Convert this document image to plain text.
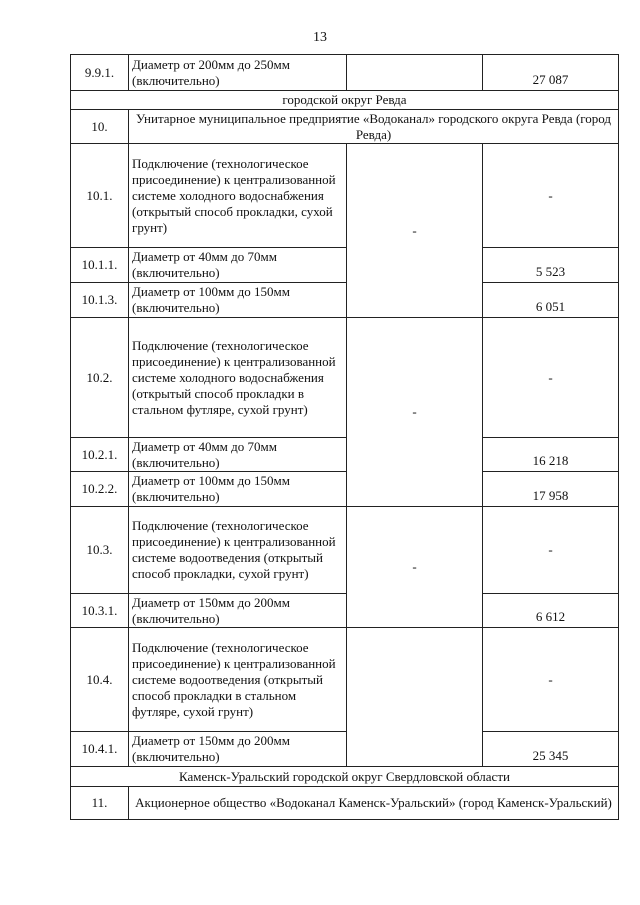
13
9.9.1.	Диаметр от 200мм до 250мм (включительно)		27 087
городской округ Ревда			
10.	Унитарное муниципальное предприятие «Водоканал» городского округа Ревда (город Ревда)		
10.1.	Подключение (технологическое присоединение) к централизованной системе холодного водоснабжения (открытый способ прокладки, сухой грунт)	-	-
10.1.1.	Диаметр от 40мм до 70мм (включительно)		5 523
10.1.3.	Диаметр от 100мм до 150мм (включительно)		6 051
10.2.	Подключение (технологическое присоединение) к централизованной системе холодного водоснабжения (открытый способ прокладки в стальном футляре, сухой грунт)	-	-
10.2.1.	Диаметр от 40мм до 70мм (включительно)		16 218
10.2.2.	Диаметр от 100мм до 150мм (включительно)		17 958
10.3.	Подключение (технологическое присоединение) к централизованной системе водоотведения (открытый способ прокладки, сухой грунт)	-	-
10.3.1.	Диаметр от 150мм до 200мм (включительно)		6 612
10.4.	Подключение (технологическое присоединение) к централизованной системе водоотведения (открытый способ прокладки в стальном футляре, сухой грунт)		-
10.4.1.	Диаметр от 150мм до 200мм (включительно)		25 345
Каменск-Уральский городской округ Свердловской области			
11.	Акционерное общество «Водоканал Каменск-Уральский» (город Каменск-Уральский)		
